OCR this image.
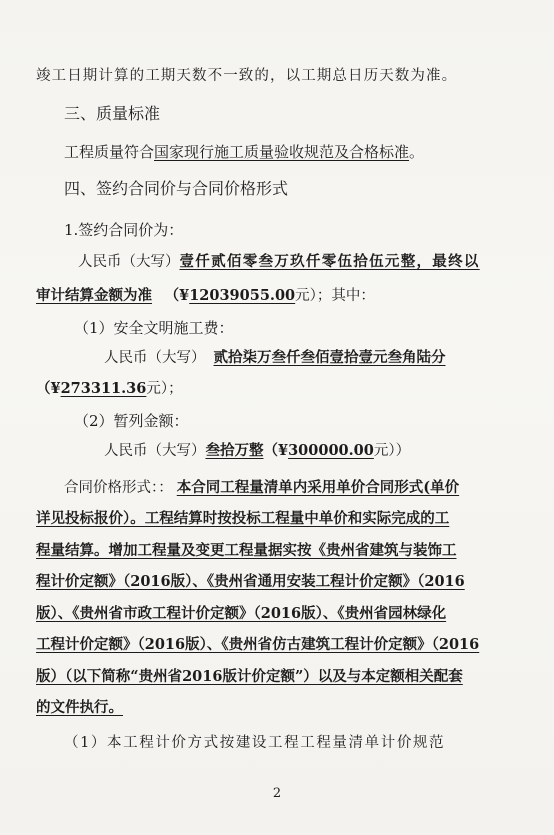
竣工日期计算的工期天数不一致的，以工期总日历天数为准。
三、质量标准
工程质量符合国家现行施工质量验收规范及合格标准。
四、签约合同价与合同价格形式
1.签约合同价为：
人民币（大写）壹仟贰佰零叁万玖仟零伍拾伍元整，最终以
审计结算金额为准 （¥12039055.00元）；其中：
（1）安全文明施工费：
人民币（大写） 贰拾柒万叁仟叁佰壹拾壹元叁角陆分
（¥273311.36元）；
（2）暂列金额：
人民币（大写）叁拾万整（¥300000.00元））
合同价格形式：： 本合同工程量清单内采用单价合同形式(单价
详见投标报价）。工程结算时按投标工程量中单价和实际完成的工
程量结算。增加工程量及变更工程量据实按《贵州省建筑与装饰工
程计价定额》（2016版）、《贵州省通用安装工程计价定额》（2016
版）、《贵州省市政工程计价定额》（2016版）、《贵州省园林绿化
工程计价定额》（2016版）、《贵州省仿古建筑工程计价定额》（2016
版）（以下简称“贵州省2016版计价定额”）以及与本定额相关配套
的文件执行。
（1）本工程计价方式按建设工程工程量清单计价规范
2
